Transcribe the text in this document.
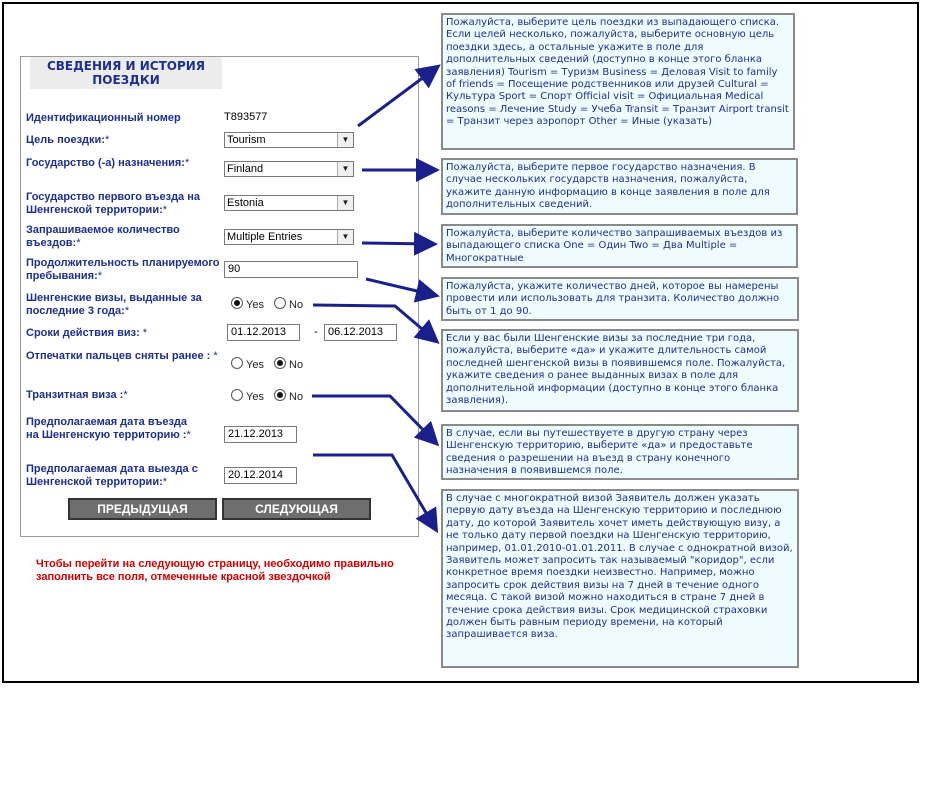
СВЕДЕНИЯ И ИСТОРИЯ ПОЕЗДКИ
Идентификационный номер	T893577
Цель поездки:*	Tourism	▼
Государство (-а) назначения:*	Finland	▼
Государство первого въезда на Шенгенской территории:*
Estonia	▼
Запрашиваемое количество въездов:*	Multiple Entries	▼
Продолжительность планируемого пребывания:*
90
Шенгенские визы, выданные за последние 3 года:*	Yes No
Сроки действия виз: *	01.12.2013	- 06.12.2013
Отпечатки пальцев сняты ранее : *
Yes No
Транзитная виза :*	Yes No
Предполагаемая дата въезда на Шенгенскую территорию :*	21.12.2013
Предполагаемая дата выезда с Шенгенской территории:*
20.12.2014
ПРЕДЫДУЩАЯ	СЛЕДУЮЩАЯ
Чтобы перейти на следующую страницу, необходимо правильно заполнить все поля, отмеченные красной звездочкой
Пожалуйста, выберите цель поездки из выпадающего списка. Если целей несколько, пожалуйста, выберите основную цель поездки здесь, а остальные укажите в поле для дополнительных сведений (доступно в конце этого бланка заявления) Tourism = Туризм Business = Деловая Visit to family of friends = Посещение родственников или друзей Cultural = Культура Sport = Спорт Official visit = Официальная Medical reasons = Лечение Study = Учеба Transit = Транзит Airport transit = Транзит через аэропорт Other = Иные (указать)
Пожалуйста, выберите первое государство назначения. В случае нескольких государств назначения, пожалуйста, укажите данную информацию в конце заявления в поле для дополнительных сведений.
Пожалуйста, выберите количество запрашиваемых въездов из выпадающего списка One = Один Two = Два Multiple = Многократные
Пожалуйста, укажите количество дней, которое вы намерены провести или использовать для транзита. Количество должно быть от 1 до 90.
Если у вас были Шенгенские визы за последние три года, пожалуйста, выберите «да» и укажите длительность самой последней шенгенской визы в появившемся поле. Пожалуйста, укажите сведения о ранее выданных визах в поле для дополнительной информации (доступно в конце этого бланка заявления).
В случае, если вы путешествуете в другую страну через Шенгенскую территорию, выберите «да» и предоставьте сведения о разрешении на въезд в страну конечного назначения в появившемся поле.
В случае с многократной визой Заявитель должен указать первую дату въезда на Шенгенскую территорию и последнюю дату, до которой Заявитель хочет иметь действующую визу, а не только дату первой поездки на Шенгенскую территорию, например, 01.01.2010-01.01.2011. В случае с однократной визой, Заявитель может запросить так называемый "коридор", если конкретное время поездки неизвестно. Например, можно запросить срок действия визы на 7 дней в течение одного месяца. С такой визой можно находиться в стране 7 дней в течение срока действия визы. Срок медицинской страховки должен быть равным периоду времени, на который запрашивается виза.
